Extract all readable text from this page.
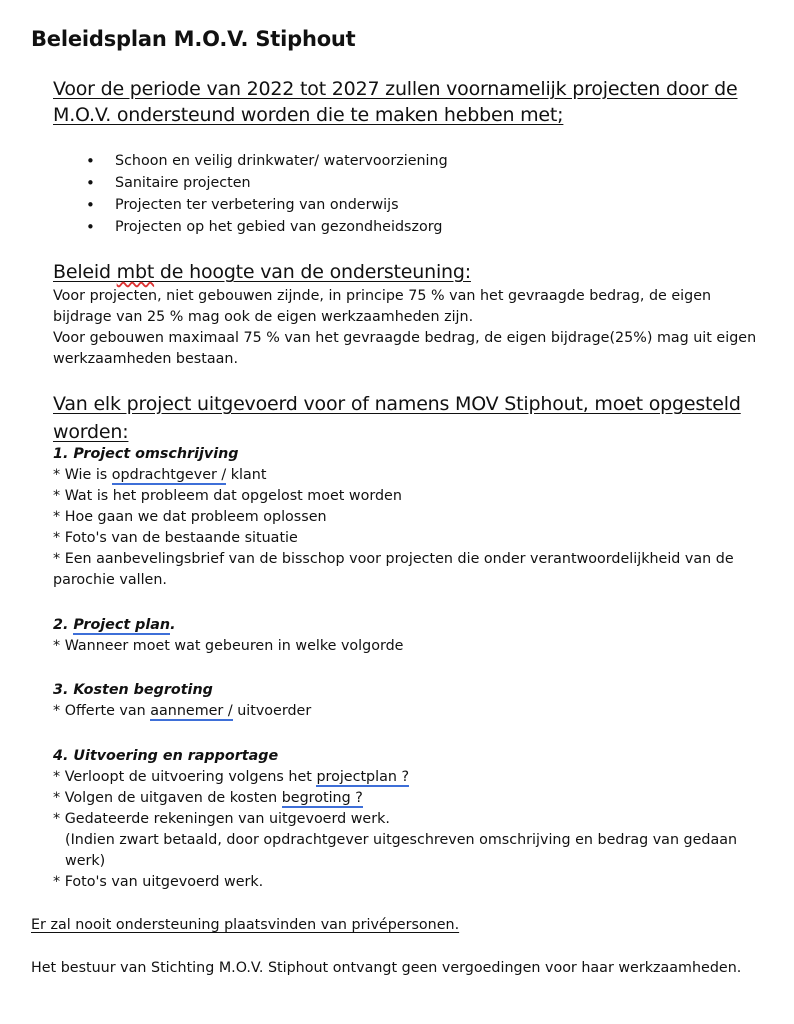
Beleidsplan M.O.V. Stiphout
Voor de periode van 2022 tot 2027 zullen voornamelijk projecten door de
M.O.V. ondersteund worden die te maken hebben met;
• Schoon en veilig drinkwater/ watervoorziening
• Sanitaire projecten
• Projecten ter verbetering van onderwijs
• Projecten op het gebied van gezondheidszorg
Beleid mbt de hoogte van de ondersteuning:
Voor projecten, niet gebouwen zijnde, in principe 75 % van het gevraagde bedrag, de eigen
bijdrage van 25 % mag ook de eigen werkzaamheden zijn.
Voor gebouwen maximaal 75 % van het gevraagde bedrag, de eigen bijdrage(25%) mag uit eigen
werkzaamheden bestaan.
Van elk project uitgevoerd voor of namens MOV Stiphout, moet opgesteld
worden:
1. Project omschrijving
* Wie is opdrachtgever / klant
* Wat is het probleem dat opgelost moet worden
* Hoe gaan we dat probleem oplossen
* Foto's van de bestaande situatie
* Een aanbevelingsbrief van de bisschop voor projecten die onder verantwoordelijkheid van de
parochie vallen.
2. Project plan.
* Wanneer moet wat gebeuren in welke volgorde
3. Kosten begroting
* Offerte van aannemer / uitvoerder
4. Uitvoering en rapportage
* Verloopt de uitvoering volgens het projectplan ?
* Volgen de uitgaven de kosten begroting ?
* Gedateerde rekeningen van uitgevoerd werk.
(Indien zwart betaald, door opdrachtgever uitgeschreven omschrijving en bedrag van gedaan
werk)
* Foto's van uitgevoerd werk.
Er zal nooit ondersteuning plaatsvinden van privépersonen.
Het bestuur van Stichting M.O.V. Stiphout ontvangt geen vergoedingen voor haar werkzaamheden.
